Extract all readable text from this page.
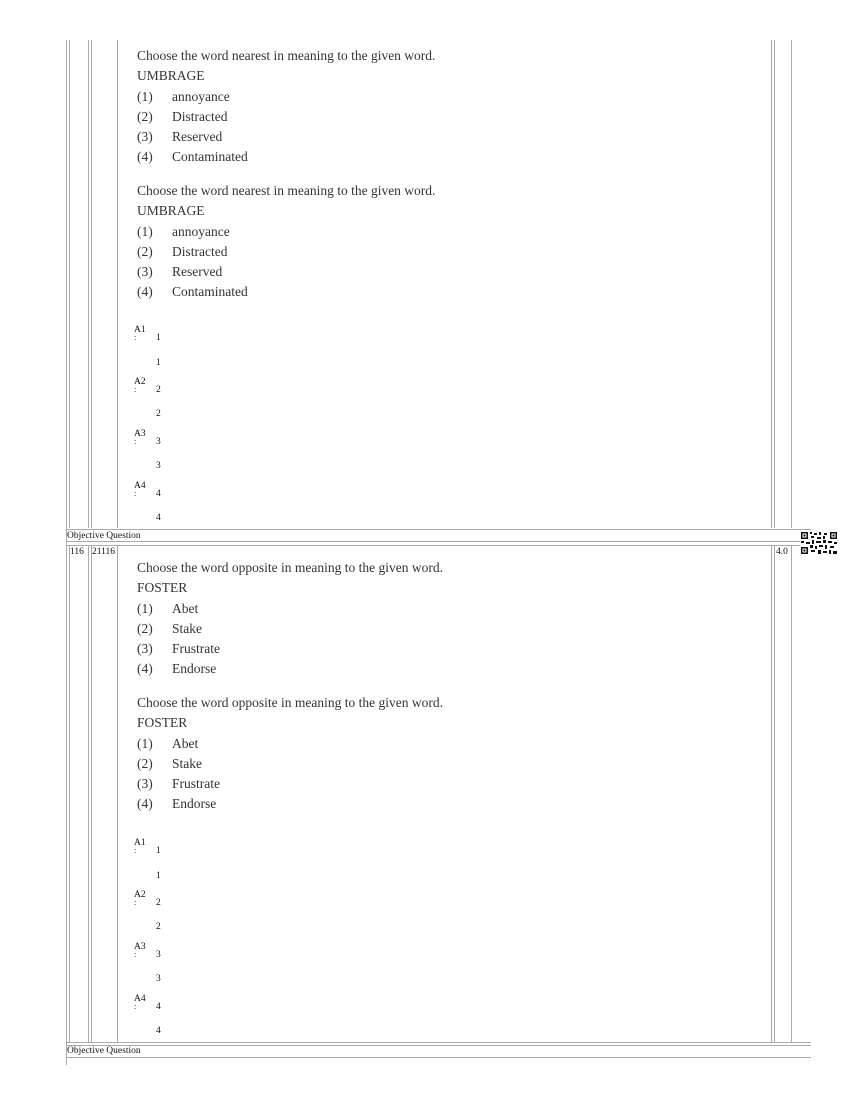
Choose the word nearest in meaning to the given word.
UMBRAGE
(1) annoyance
(2) Distracted
(3) Reserved
(4) Contaminated
Choose the word nearest in meaning to the given word.
UMBRAGE
(1) annoyance
(2) Distracted
(3) Reserved
(4) Contaminated
A1
:	1
1
A2
:	2
2
A3
:	3
3
A4
:	4
4
Objective Question
116 21116	4.0
Choose the word opposite in meaning to the given word.
FOSTER
(1) Abet
(2) Stake
(3) Frustrate
(4) Endorse
Choose the word opposite in meaning to the given word.
FOSTER
(1) Abet
(2) Stake
(3) Frustrate
(4) Endorse
A1
:	1
1
A2
:	2
2
A3
:	3
3
A4
:	4
4
Objective Question
